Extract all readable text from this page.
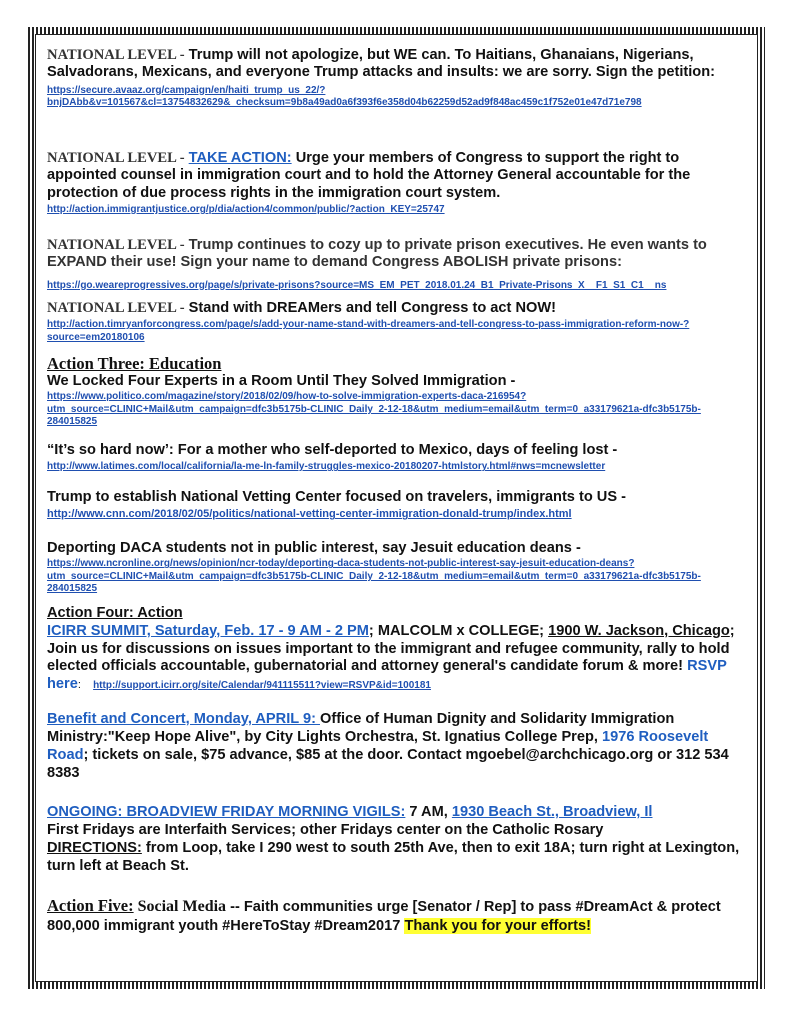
NATIONAL LEVEL - Trump will not apologize, but WE can. To Haitians, Ghanaians, Nigerians, Salvadorans, Mexicans, and everyone Trump attacks and insults: we are sorry. Sign the petition:
https://secure.avaaz.org/campaign/en/haiti_trump_us_22/?bnjDAbb&v=101567&cl=13754832629&_checksum=9b8a49ad0a6f393f6e358d04b62259d52ad9f848ac459c1f752e01e47d71e798
NATIONAL LEVEL - TAKE ACTION: Urge your members of Congress to support the right to appointed counsel in immigration court and to hold the Attorney General accountable for the protection of due process rights in the immigration court system.
http://action.immigrantjustice.org/p/dia/action4/common/public/?action_KEY=25747
NATIONAL LEVEL - Trump continues to cozy up to private prison executives. He even wants to EXPAND their use! Sign your name to demand Congress ABOLISH private prisons:
https://go.weareprogressives.org/page/s/private-prisons?source=MS_EM_PET_2018.01.24_B1_Private-Prisons_X__F1_S1_C1__ns
NATIONAL LEVEL - Stand with DREAMers and tell Congress to act NOW!
http://action.timryanforcongress.com/page/s/add-your-name-stand-with-dreamers-and-tell-congress-to-pass-immigration-reform-now-?source=em20180106
Action Three: Education
We Locked Four Experts in a Room Until They Solved Immigration -
https://www.politico.com/magazine/story/2018/02/09/how-to-solve-immigration-experts-daca-216954?utm_source=CLINIC+Mail&utm_campaign=dfc3b5175b-CLINIC_Daily_2-12-18&utm_medium=email&utm_term=0_a33179621a-dfc3b5175b-284015825
“It’s so hard now’: For a mother who self-deported to Mexico, days of feeling lost -
http://www.latimes.com/local/california/la-me-ln-family-struggles-mexico-20180207-htmlstory.html#nws=mcnewsletter
Trump to establish National Vetting Center focused on travelers, immigrants to US -
http://www.cnn.com/2018/02/05/politics/national-vetting-center-immigration-donald-trump/index.html
Deporting DACA students not in public interest, say Jesuit education deans -
https://www.ncronline.org/news/opinion/ncr-today/deporting-daca-students-not-public-interest-say-jesuit-education-deans?utm_source=CLINIC+Mail&utm_campaign=dfc3b5175b-CLINIC_Daily_2-12-18&utm_medium=email&utm_term=0_a33179621a-dfc3b5175b-284015825
Action Four: Action
ICIRR SUMMIT, Saturday, Feb. 17 - 9 AM - 2 PM; MALCOLM x COLLEGE; 1900 W. Jackson, Chicago; Join us for discussions on issues important to the immigrant and refugee community, rally to hold elected officials accountable, gubernatorial and attorney general's candidate forum & more! RSVP here: http://support.icirr.org/site/Calendar/941115511?view=RSVP&id=100181
Benefit and Concert, Monday, APRIL 9: Office of Human Dignity and Solidarity Immigration Ministry:"Keep Hope Alive", by City Lights Orchestra, St. Ignatius College Prep, 1976 Roosevelt Road; tickets on sale, $75 advance, $85 at the door. Contact mgoebel@archchicago.org or 312 534 8383
ONGOING: BROADVIEW FRIDAY MORNING VIGILS: 7 AM, 1930 Beach St., Broadview, Il
First Fridays are Interfaith Services; other Fridays center on the Catholic Rosary
DIRECTIONS: from Loop, take I 290 west to south 25th Ave, then to exit 18A; turn right at Lexington, turn left at Beach St.
Action Five: Social Media -- Faith communities urge [Senator / Rep] to pass #DreamAct & protect 800,000 immigrant youth #HereToStay #Dream2017 Thank you for your efforts!
